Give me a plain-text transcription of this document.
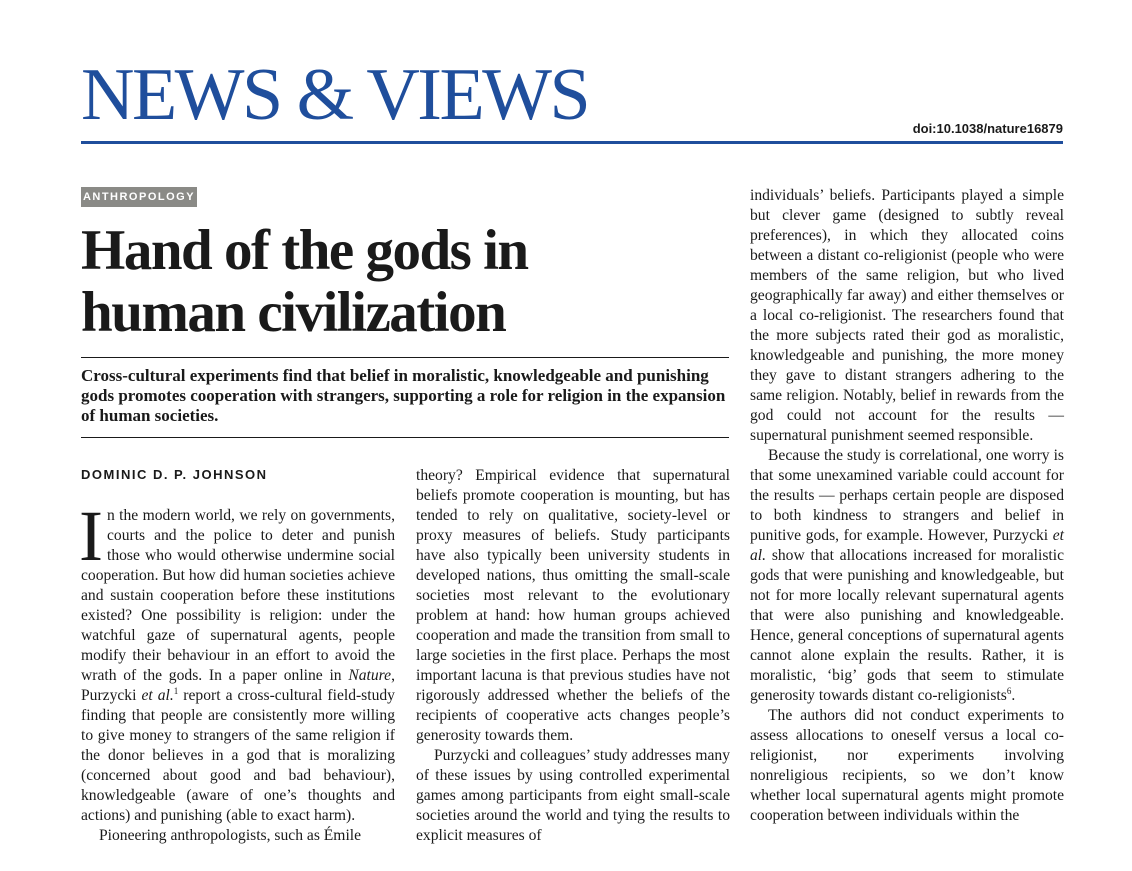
NEWS & VIEWS	doi:10.1038/nature16879
ANTHROPOLOGY
Hand of the gods in
human civilization

Cross-cultural experiments find that belief in moralistic, knowledgeable and punishing gods promotes cooperation with strangers, supporting a role for religion in the expansion of human societies.

DOMINIC D. P. JOHNSON

In the modern world, we rely on governments, courts and the police to deter and punish those who would otherwise undermine social cooperation. But how did human societies achieve and sustain cooperation before these institutions existed? One possibility is religion: under the watchful gaze of supernatural agents, people modify their behaviour in an effort to avoid the wrath of the gods. In a paper online in Nature, Purzycki et al.$^1$ report a cross-cultural field-study finding that people are consistently more willing to give money to strangers of the same religion if the donor believes in a god that is moralizing (concerned about good and bad behaviour), knowledgeable (aware of one’s thoughts and actions) and punishing (able to exact harm).

Pioneering anthropologists, such as Émile

theory? Empirical evidence that supernatural beliefs promote cooperation is mounting, but has tended to rely on qualitative, society-level or proxy measures of beliefs. Study participants have also typically been university students in developed nations, thus omitting the small-scale societies most relevant to the evolutionary problem at hand: how human groups achieved cooperation and made the transition from small to large societies in the first place. Perhaps the most important lacuna is that previous studies have not rigorously addressed whether the beliefs of the recipients of cooperative acts changes people’s generosity towards them.

Purzycki and colleagues’ study addresses many of these issues by using controlled experimental games among participants from eight small-scale societies around the world and tying the results to explicit measures of

individuals’ beliefs. Participants played a simple but clever game (designed to subtly reveal preferences), in which they allocated coins between a distant co-religionist (people who were members of the same religion, but who lived geographically far away) and either themselves or a local co-religionist. The researchers found that the more subjects rated their god as moralistic, knowledgeable and punishing, the more money they gave to distant strangers adhering to the same religion. Notably, belief in rewards from the god could not account for the results — supernatural punishment seemed responsible.

Because the study is correlational, one worry is that some unexamined variable could account for the results — perhaps certain people are disposed to both kindness to strangers and belief in punitive gods, for example. However, Purzycki et al. show that allocations increased for moralistic gods that were punishing and knowledgeable, but not for more locally relevant supernatural agents that were also punishing and knowledgeable. Hence, general conceptions of supernatural agents cannot alone explain the results. Rather, it is moralistic, ‘big’ gods that seem to stimulate generosity towards distant co-religionists$^6$.

The authors did not conduct experiments to assess allocations to oneself versus a local co-religionist, nor experiments involving nonreligious recipients, so we don’t know whether local supernatural agents might promote cooperation between individuals within the
